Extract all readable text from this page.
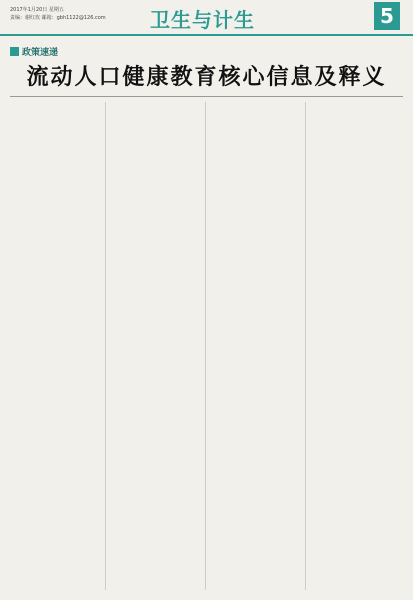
2017年1月20日 星期五
责编：谢红玫 邮箱：gbh1122@126.com	卫生与计生	5
政策速递
流动人口健康教育核心信息及释义
